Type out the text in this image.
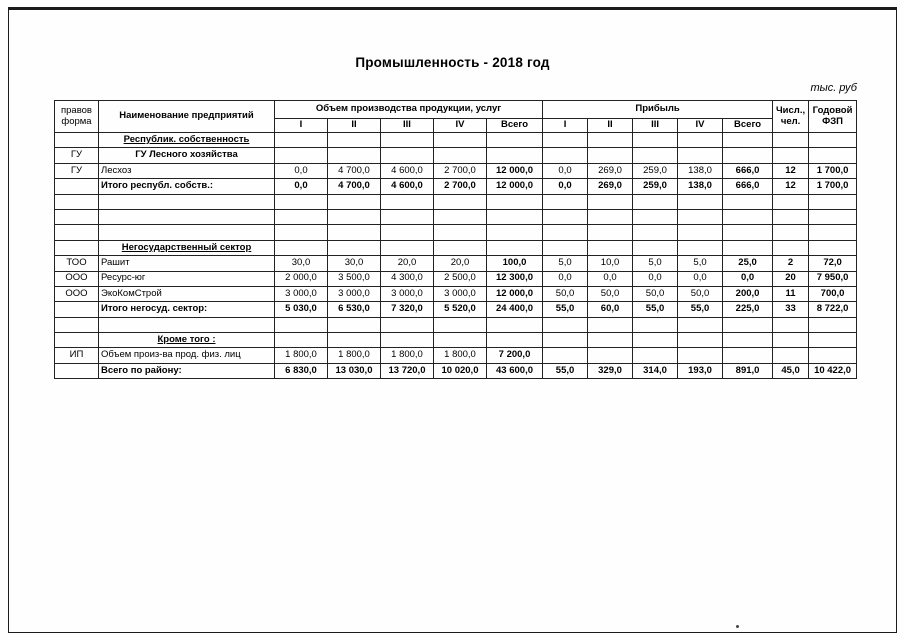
Промышленность - 2018 год
тыс. руб
правов
форма	Наименование предприятий	Объем производства продукции, услуг					Прибыль					Числ.,
чел.	Годовой
ФЗП
		I	II	III	IV	Всего	I	II	III	IV	Всего		
	Республик. собственность												
ГУ	ГУ Лесного хозяйства												
ГУ	Лесхоз	0,0	4 700,0	4 600,0	2 700,0	12 000,0	0,0	269,0	259,0	138,0	666,0	12	1 700,0
	Итого республ. собств.:	0,0	4 700,0	4 600,0	2 700,0	12 000,0	0,0	269,0	259,0	138,0	666,0	12	1 700,0

	Негосударственный сектор												
ТОО	Рашит	30,0	30,0	20,0	20,0	100,0	5,0	10,0	5,0	5,0	25,0	2	72,0
ООО	Ресурс-юг	2 000,0	3 500,0	4 300,0	2 500,0	12 300,0	0,0	0,0	0,0	0,0	0,0	20	7 950,0
ООО	ЭкоКомСтрой	3 000,0	3 000,0	3 000,0	3 000,0	12 000,0	50,0	50,0	50,0	50,0	200,0	11	700,0
	Итого негосуд. сектор:	5 030,0	6 530,0	7 320,0	5 520,0	24 400,0	55,0	60,0	55,0	55,0	225,0	33	8 722,0

	Кроме того :												
ИП	Объем произ-ва прод. физ. лиц	1 800,0	1 800,0	1 800,0	1 800,0	7 200,0							
	Всего по району:	6 830,0	13 030,0	13 720,0	10 020,0	43 600,0	55,0	329,0	314,0	193,0	891,0	45,0	10 422,0
